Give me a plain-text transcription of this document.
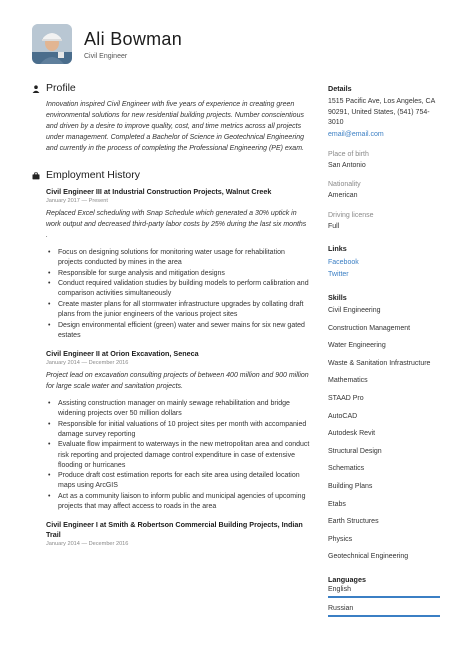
Ali Bowman
Civil Engineer
Profile

Innovation inspired Civil Engineer with five years of experience in creating green environmental solutions for new residential building projects. Number conscientious and driven by a desire to improve quality, cost, and time metrics across all projects under management. Completed a Bachelor of Science in Geotechnical Engineering and currently in the process of completing the Professional Engineering (PE) exam.

Employment History
Civil Engineer III at Industrial Construction Projects, Walnut Creek
January 2017 — Present

Replaced Excel scheduling with Snap Schedule which generated a 30% uptick in work output and decreased third-party labor costs by 25% during the last six months .

• Focus on designing solutions for monitoring water usage for rehabilitation projects conducted by mines in the area
• Responsible for surge analysis and mitigation designs
• Conduct required validation studies by building models to perform calibration and comparison activities simultaneously
• Create master plans for all stormwater infrastructure upgrades by collating draft plans from the junior engineers of the various project sites
• Design environmental efficient (green) water and sewer mains for six new gated estates
Civil Engineer II at Orion Excavation, Seneca
January 2014 — December 2016

Project lead on excavation consulting projects of between 400 million and 900 million for large scale water and sanitation projects.

• Assisting construction manager on mainly sewage rehabilitation and bridge widening projects over 50 million dollars
• Responsible for initial valuations of 10 project sites per month with accompanied damage survey reporting
• Evaluate flow impairment to waterways in the new metropolitan area and conduct risk reporting and projected damage control expenditure in case of extensive flooding or hurricanes
• Produce draft cost estimation reports for each site area using detailed location maps using ArcGIS
• Act as a community liaison to inform public and municipal agencies of upcoming projects that may affect access to roads in the area
Civil Engineer I at Smith & Robertson Commercial Building Projects, Indian Trail
January 2014 — December 2016
Details
1515 Pacific Ave, Los Angeles, CA 90291, United States, (541) 754-3010
email@email.com
Place of birth
San Antonio
Nationality
American
Driving license
Full
Links
Facebook
Twitter
Skills
Civil Engineering
Construction Management
Water Engineering
Waste & Sanitation Infrastructure
Mathematics
STAAD Pro
AutoCAD
Autodesk Revit
Structural Design
Schematics
Building Plans
Etabs
Earth Structures
Physics
Geotechnical Engineering
Languages
English
Russian
